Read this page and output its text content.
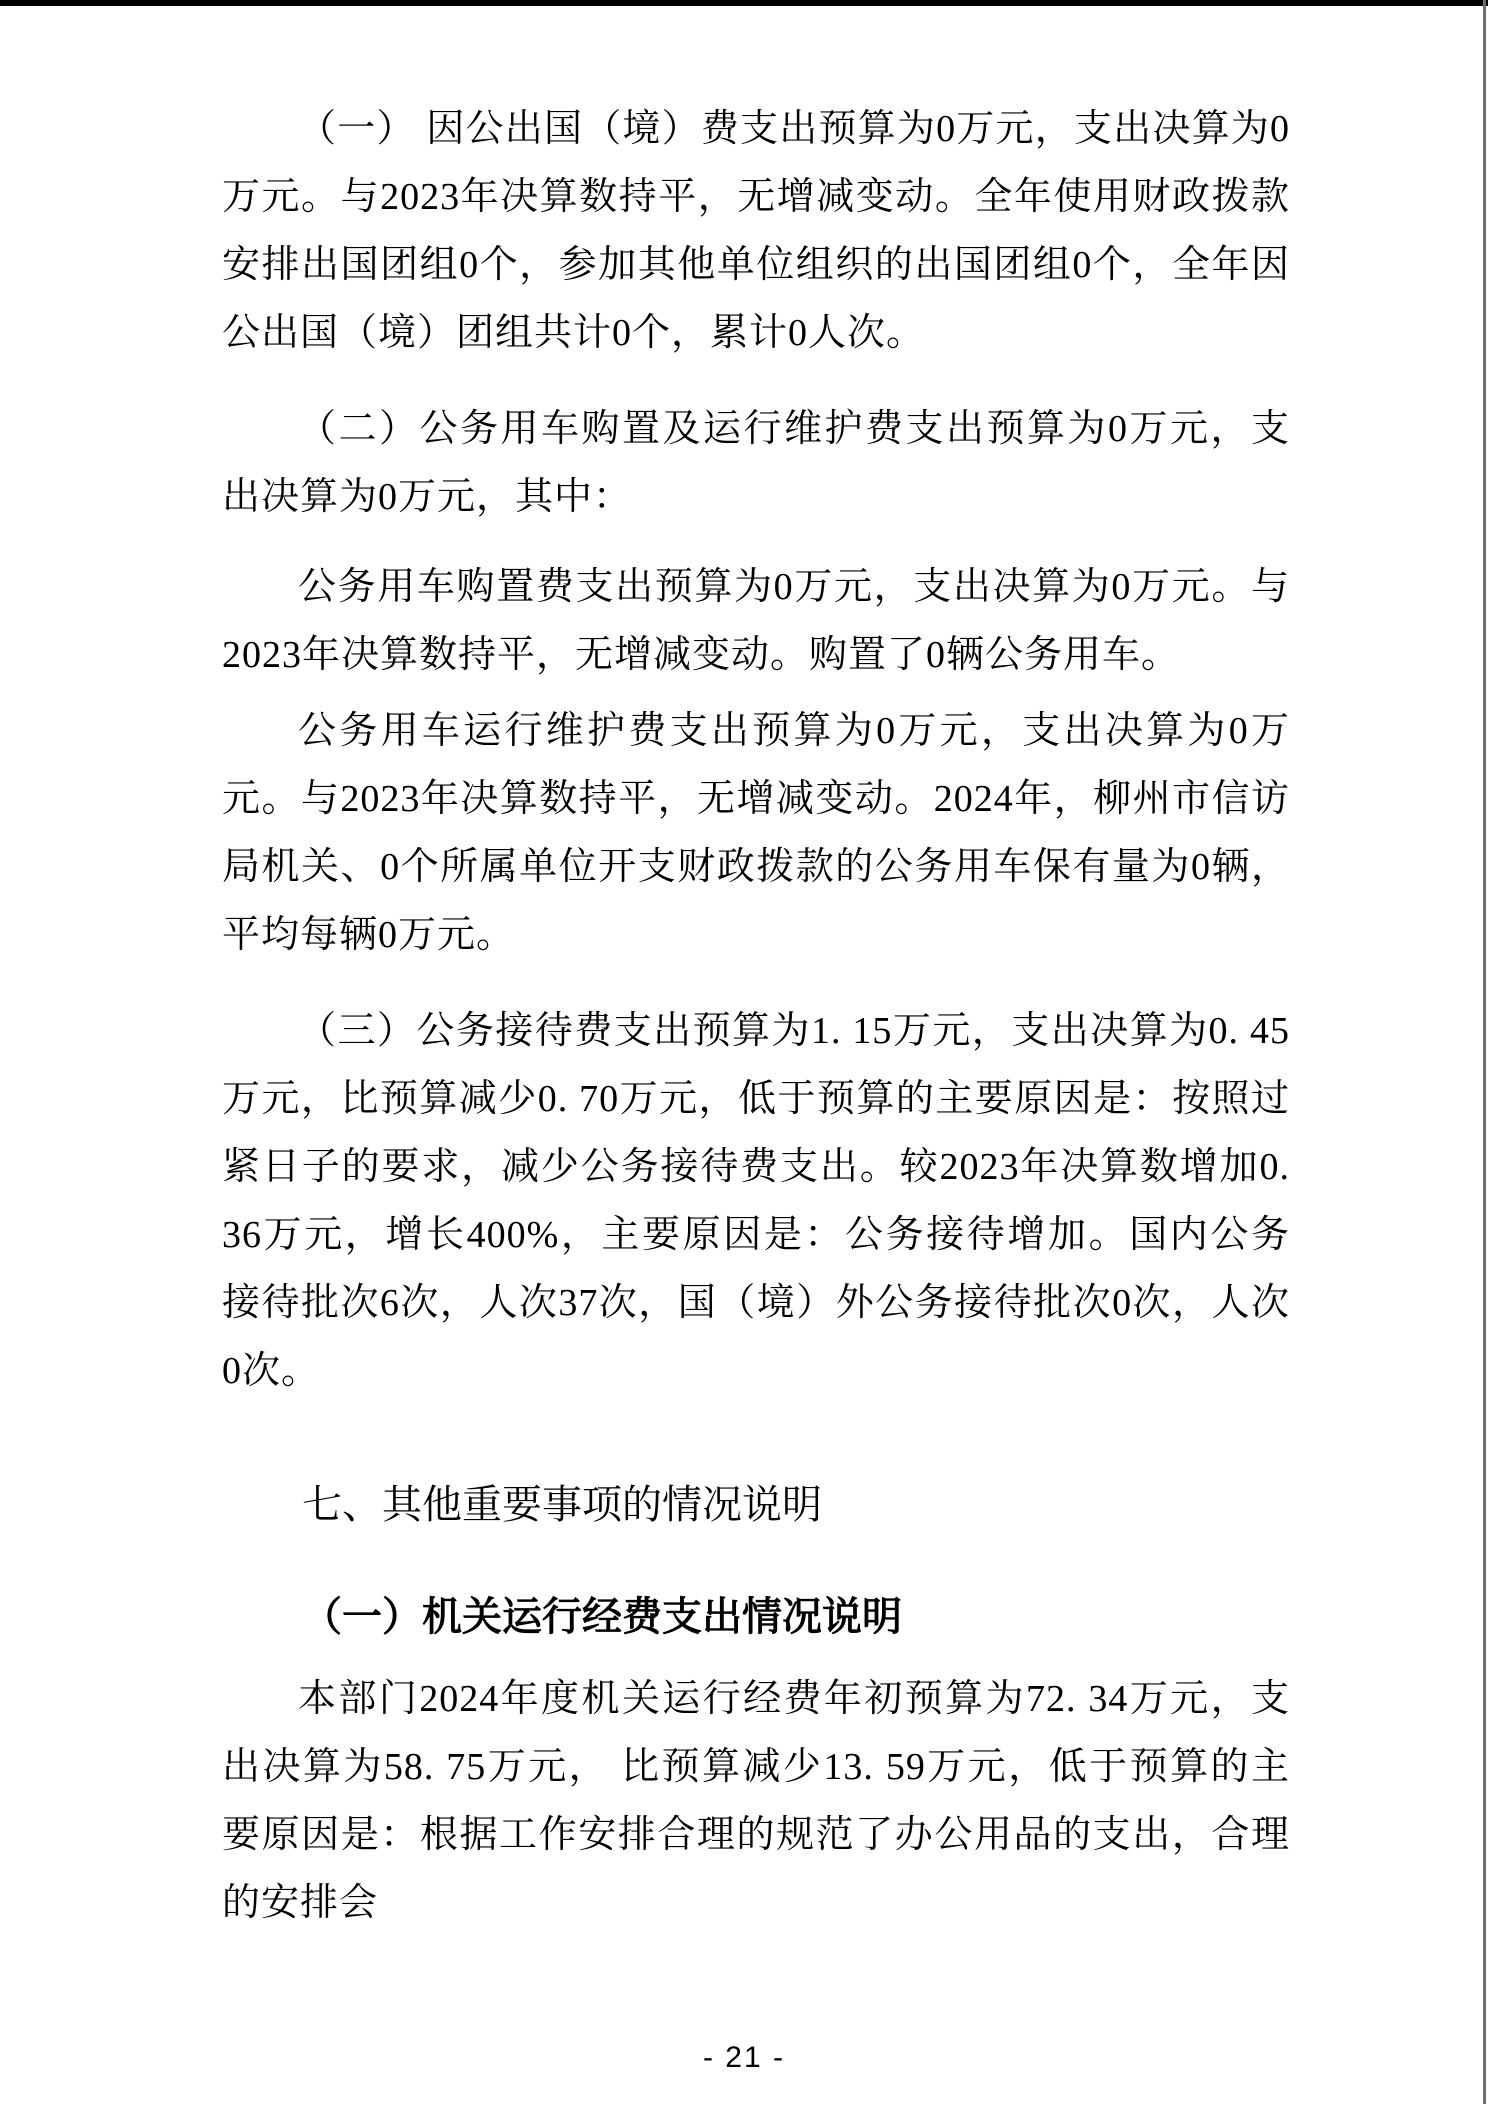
（一） 因公出国（境）费支出预算为0万元，支出决算为0万元。与2023年决算数持平，无增减变动。全年使用财政拨款安排出国团组0个，参加其他单位组织的出国团组0个，全年因公出国（境）团组共计0个，累计0人次。

（二）公务用车购置及运行维护费支出预算为0万元，支出决算为0万元，其中：

公务用车购置费支出预算为0万元，支出决算为0万元。与2023年决算数持平，无增减变动。购置了0辆公务用车。

公务用车运行维护费支出预算为0万元，支出决算为0万元。与2023年决算数持平，无增减变动。2024年，柳州市信访局机关、0个所属单位开支财政拨款的公务用车保有量为0辆，平均每辆0万元。

（三）公务接待费支出预算为1. 15万元，支出决算为0. 45万元，比预算减少0. 70万元，低于预算的主要原因是：按照过紧日子的要求，减少公务接待费支出。较2023年决算数增加0. 36万元，增长400%，主要原因是：公务接待增加。国内公务接待批次6次，人次37次，国（境）外公务接待批次0次，人次0次。

七、其他重要事项的情况说明
（一）机关运行经费支出情况说明

本部门2024年度机关运行经费年初预算为72. 34万元，支出决算为58. 75万元， 比预算减少13. 59万元，低于预算的主要原因是：根据工作安排合理的规范了办公用品的支出，合理的安排会

- 21 -
